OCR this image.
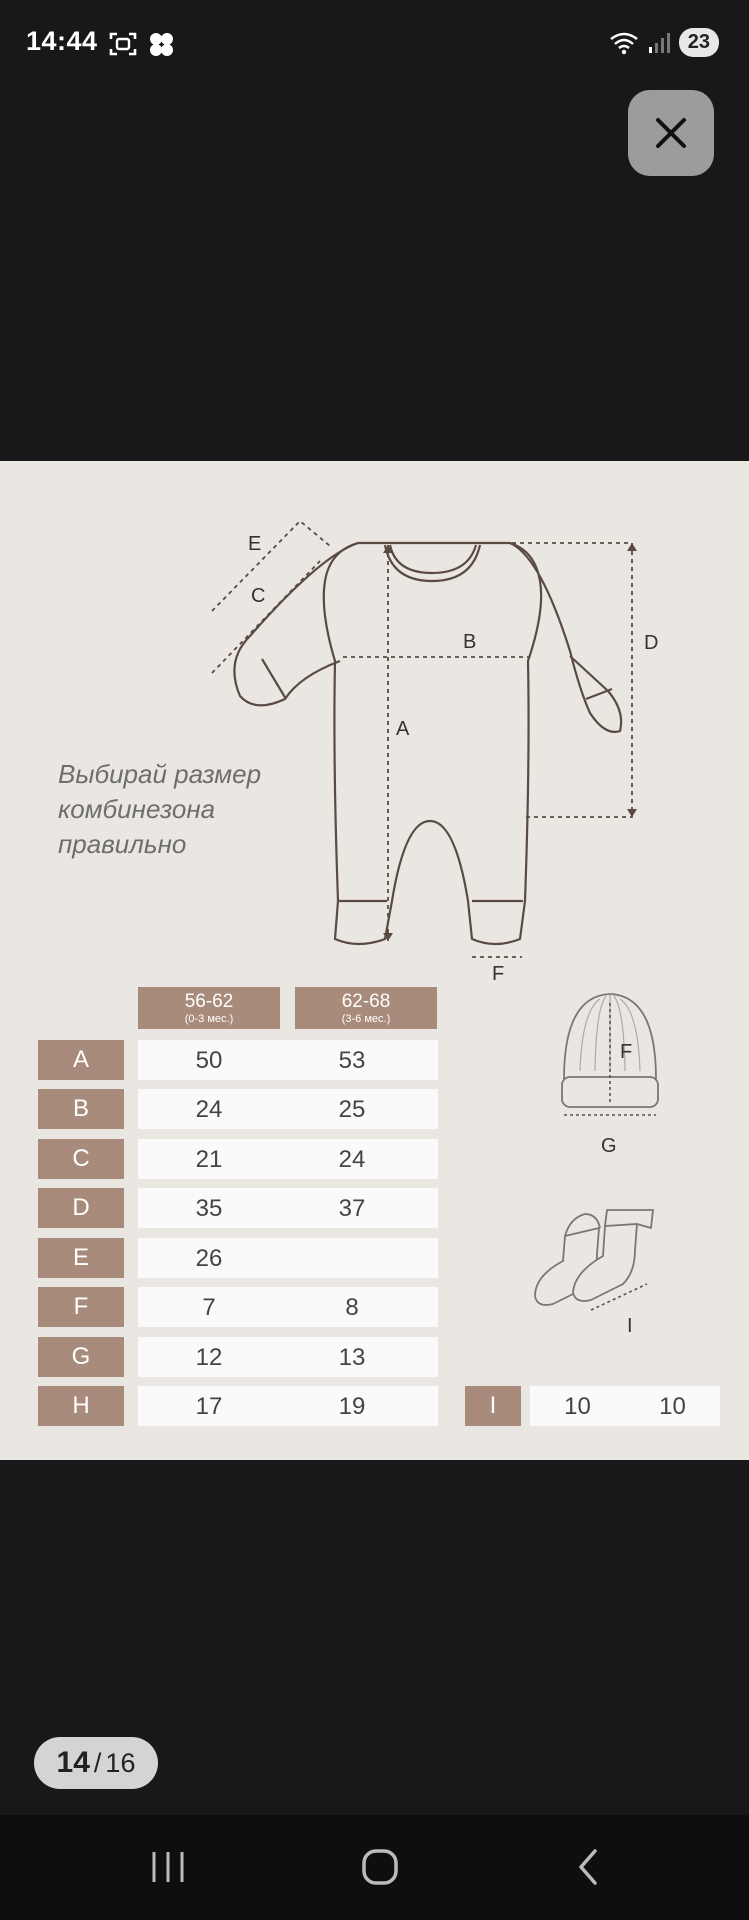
14:44
	23
Выбирай размер
комбинезона
правильно
E
C
B	D
A
F
56-62
(0-3 мес.)
62-68
(3-6 мес.)
A	50	53
B	24	25
C	21	24
D	35	37
E	26
F	7	8
G	12	13
H	17	19
F
G
I
I	10	10
14 / 16
